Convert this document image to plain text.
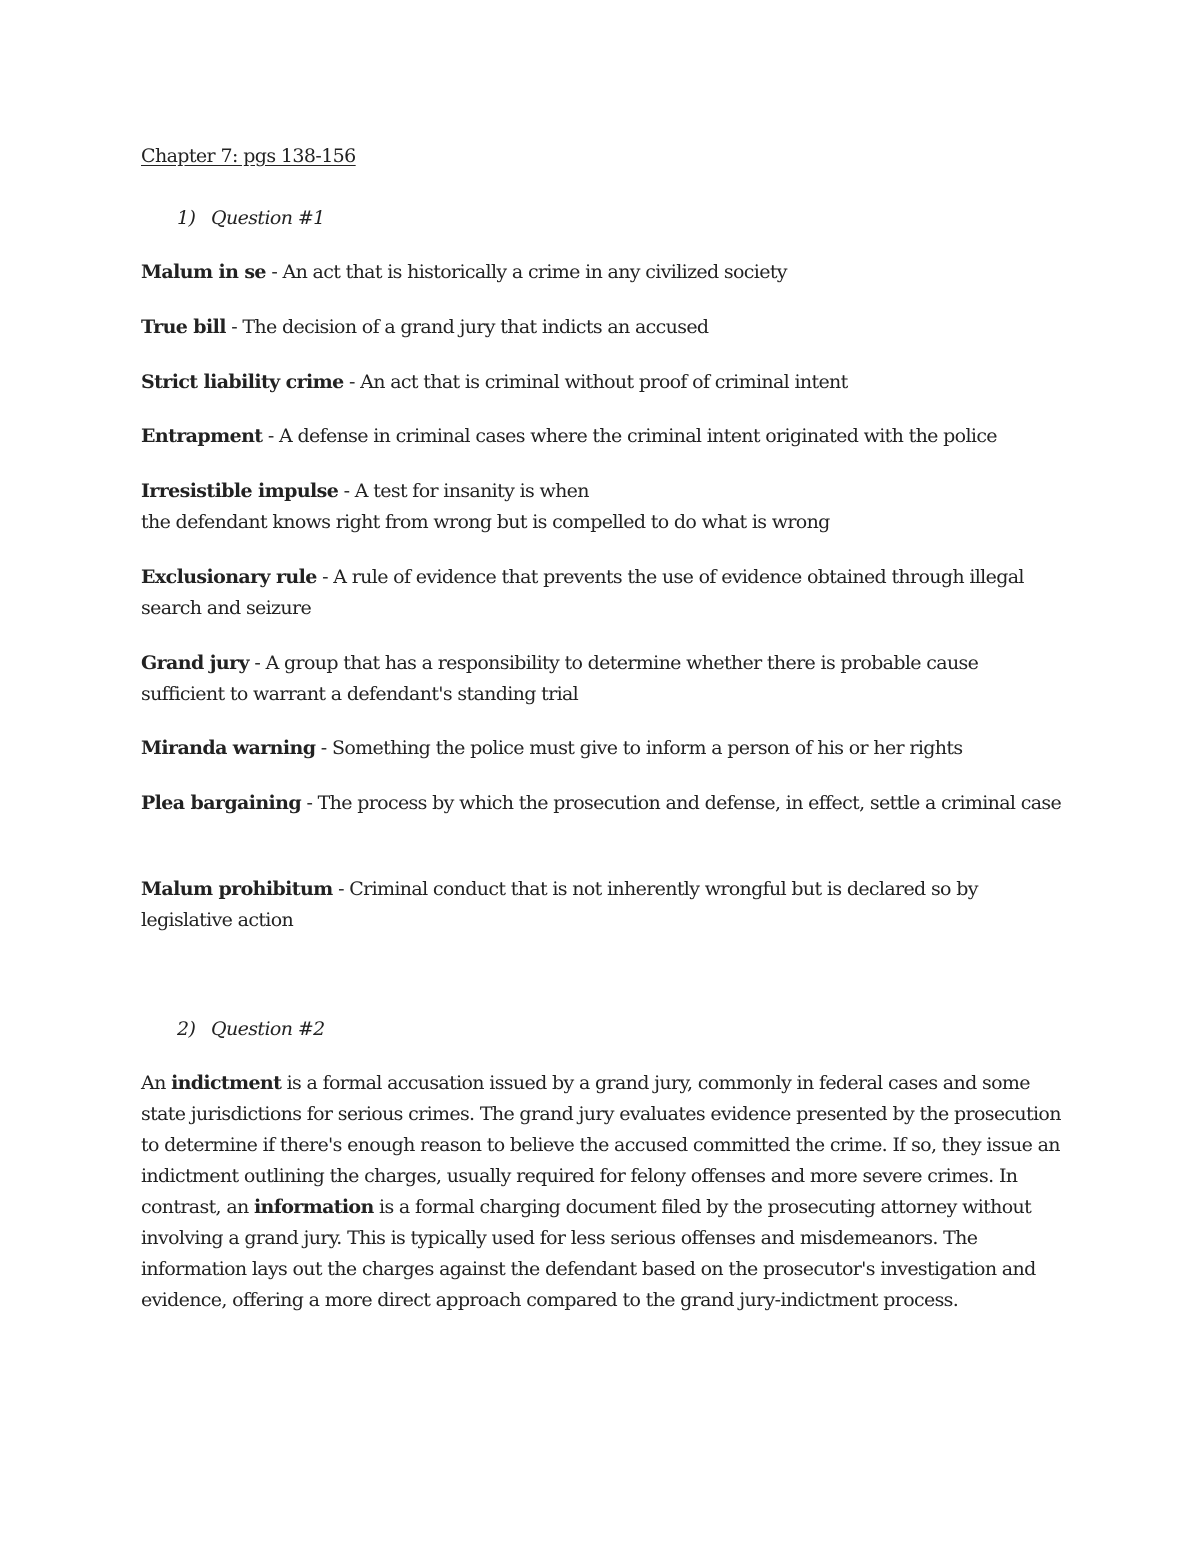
Chapter 7: pgs 138-156
1) Question #1
Malum in se - An act that is historically a crime in any civilized society
True bill - The decision of a grand jury that indicts an accused
Strict liability crime - An act that is criminal without proof of criminal intent
Entrapment - A defense in criminal cases where the criminal intent originated with the police
Irresistible impulse - A test for insanity is when
the defendant knows right from wrong but is compelled to do what is wrong
Exclusionary rule - A rule of evidence that prevents the use of evidence obtained through illegal search and seizure
Grand jury - A group that has a responsibility to determine whether there is probable cause sufficient to warrant a defendant's standing trial
Miranda warning - Something the police must give to inform a person of his or her rights
Plea bargaining - The process by which the prosecution and defense, in effect, settle a criminal case
Malum prohibitum - Criminal conduct that is not inherently wrongful but is declared so by legislative action
2) Question #2
An indictment is a formal accusation issued by a grand jury, commonly in federal cases and some state jurisdictions for serious crimes. The grand jury evaluates evidence presented by the prosecution to determine if there's enough reason to believe the accused committed the crime. If so, they issue an indictment outlining the charges, usually required for felony offenses and more severe crimes. In contrast, an information is a formal charging document filed by the prosecuting attorney without involving a grand jury. This is typically used for less serious offenses and misdemeanors. The information lays out the charges against the defendant based on the prosecutor's investigation and evidence, offering a more direct approach compared to the grand jury-indictment process.
